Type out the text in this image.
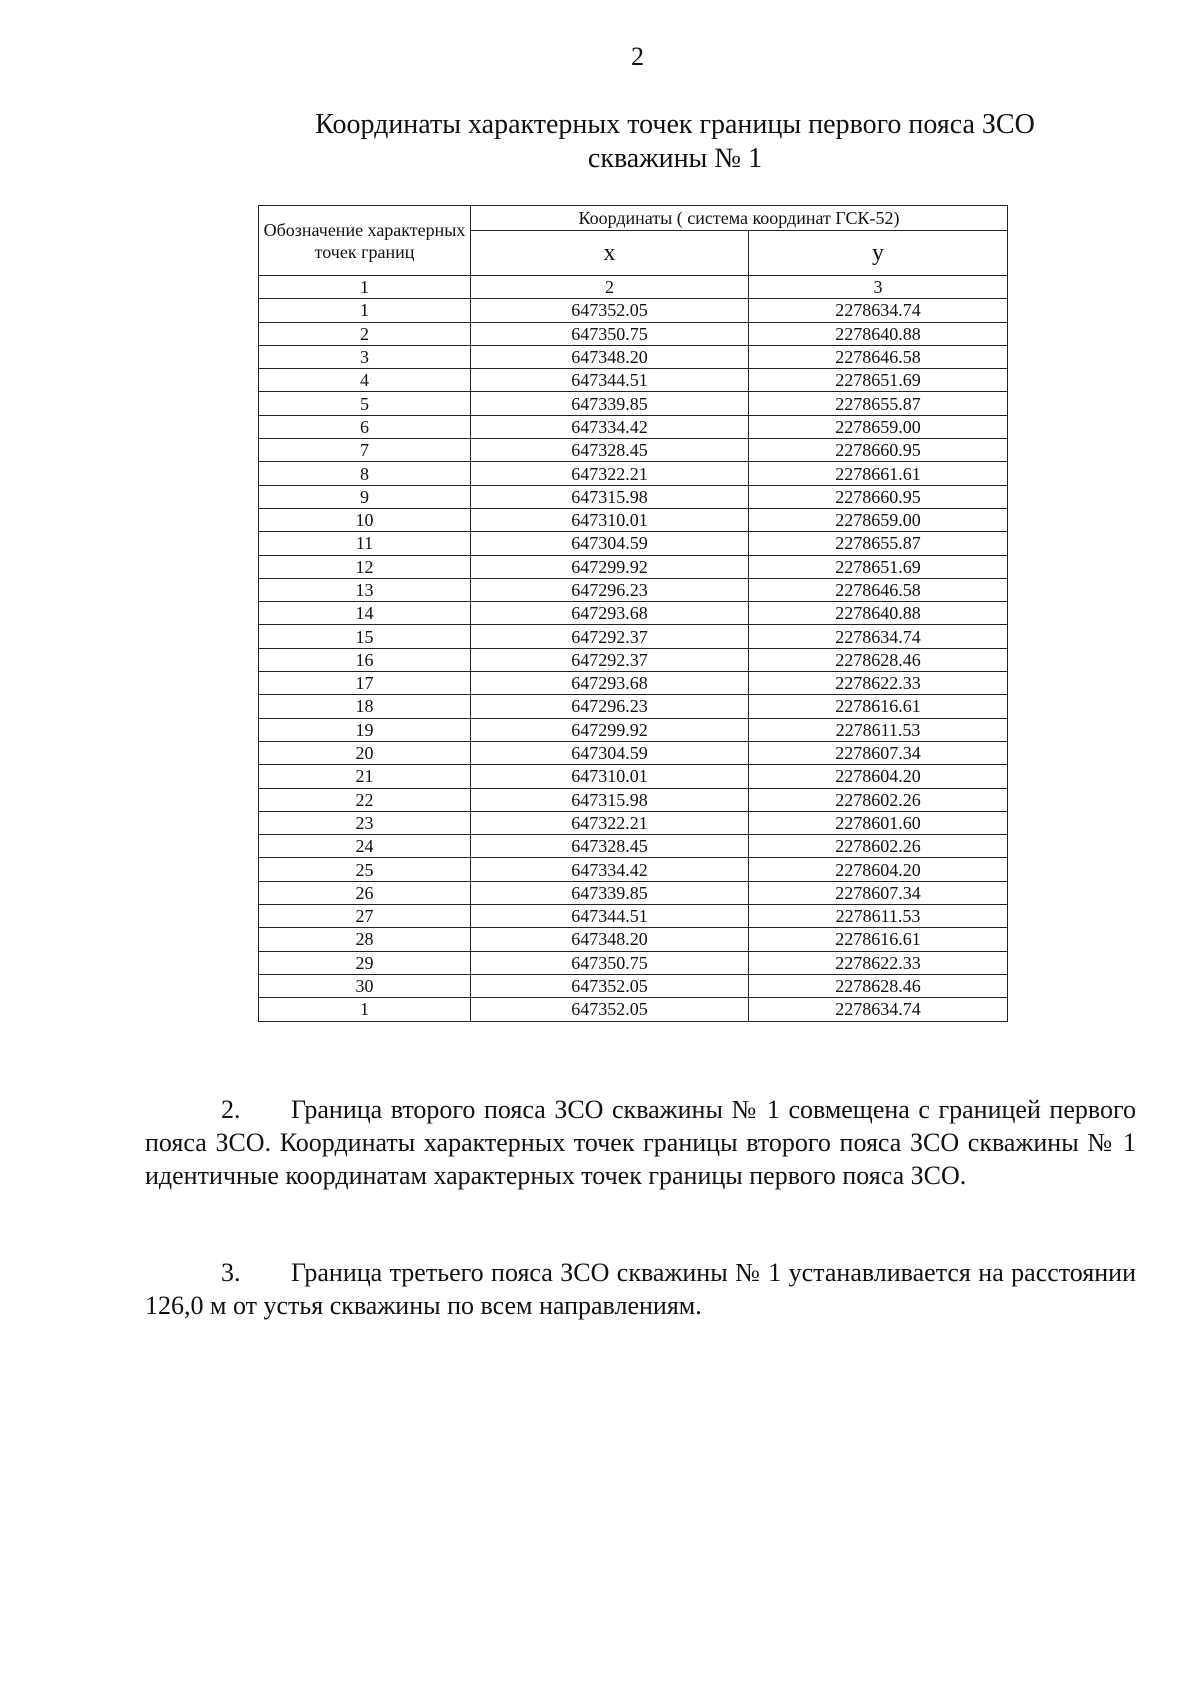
2
Координаты характерных точек границы первого пояса ЗСО
скважины № 1
Обозначение характерных точек границ	Координаты ( система координат ГСК-52)	
	x	y
1	2	3
1	647352.05	2278634.74
2	647350.75	2278640.88
3	647348.20	2278646.58
4	647344.51	2278651.69
5	647339.85	2278655.87
6	647334.42	2278659.00
7	647328.45	2278660.95
8	647322.21	2278661.61
9	647315.98	2278660.95
10	647310.01	2278659.00
11	647304.59	2278655.87
12	647299.92	2278651.69
13	647296.23	2278646.58
14	647293.68	2278640.88
15	647292.37	2278634.74
16	647292.37	2278628.46
17	647293.68	2278622.33
18	647296.23	2278616.61
19	647299.92	2278611.53
20	647304.59	2278607.34
21	647310.01	2278604.20
22	647315.98	2278602.26
23	647322.21	2278601.60
24	647328.45	2278602.26
25	647334.42	2278604.20
26	647339.85	2278607.34
27	647344.51	2278611.53
28	647348.20	2278616.61
29	647350.75	2278622.33
30	647352.05	2278628.46
1	647352.05	2278634.74

2. Граница второго пояса ЗСО скважины № 1 совмещена с границей первого пояса ЗСО. Координаты характерных точек границы второго пояса ЗСО скважины № 1 идентичные координатам характерных точек границы первого пояса ЗСО.

3. Граница третьего пояса ЗСО скважины № 1 устанавливается на расстоянии 126,0 м от устья скважины по всем направлениям.
